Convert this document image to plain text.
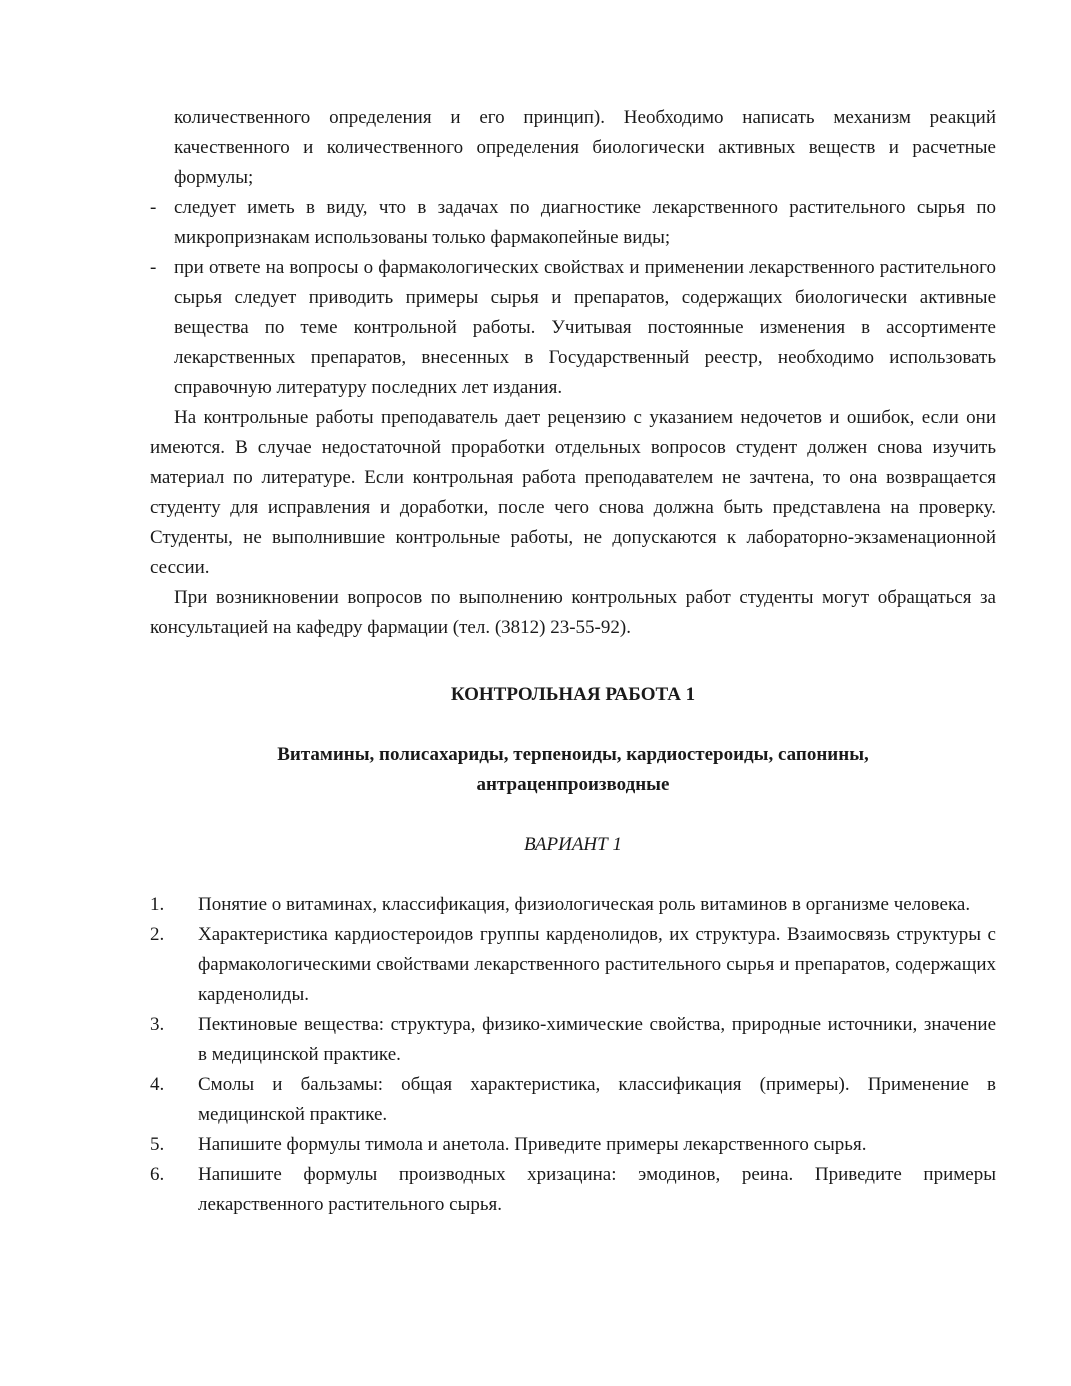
количественного определения и его принцип). Необходимо написать механизм реакций качественного и количественного определения биологически активных веществ и расчетные формулы;

- следует иметь в виду, что в задачах по диагностике лекарственного растительного сырья по микропризнакам использованы только фармакопейные виды;

- при ответе на вопросы о фармакологических свойствах и применении лекарственного растительного сырья следует приводить примеры сырья и препаратов, содержащих биологически активные вещества по теме контрольной работы. Учитывая постоянные изменения в ассортименте лекарственных препаратов, внесенных в Государственный реестр, необходимо использовать справочную литературу последних лет издания.

На контрольные работы преподаватель дает рецензию с указанием недочетов и ошибок, если они имеются. В случае недостаточной проработки отдельных вопросов студент должен снова изучить материал по литературе. Если контрольная работа преподавателем не зачтена, то она возвращается студенту для исправления и доработки, после чего снова должна быть представлена на проверку. Студенты, не выполнившие контрольные работы, не допускаются к лабораторно-экзаменационной сессии.

При возникновении вопросов по выполнению контрольных работ студенты могут обращаться за консультацией на кафедру фармации (тел. (3812) 23-55-92).

КОНТРОЛЬНАЯ РАБОТА 1

Витамины, полисахариды, терпеноиды, кардиостероиды, сапонины,
антраценпроизводные

ВАРИАНТ 1

1. Понятие о витаминах, классификация, физиологическая роль витаминов в организме человека.

2. Характеристика кардиостероидов группы карденолидов, их структура. Взаимосвязь структуры с фармакологическими свойствами лекарственного растительного сырья и препаратов, содержащих карденолиды.

3. Пектиновые вещества: структура, физико-химические свойства, природные источники, значение в медицинской практике.

4. Смолы и бальзамы: общая характеристика, классификация (примеры). Применение в медицинской практике.

5. Напишите формулы тимола и анетола. Приведите примеры лекарственного сырья.

6. Напишите формулы производных хризацина: эмодинов, реина. Приведите примеры лекарственного растительного сырья.
